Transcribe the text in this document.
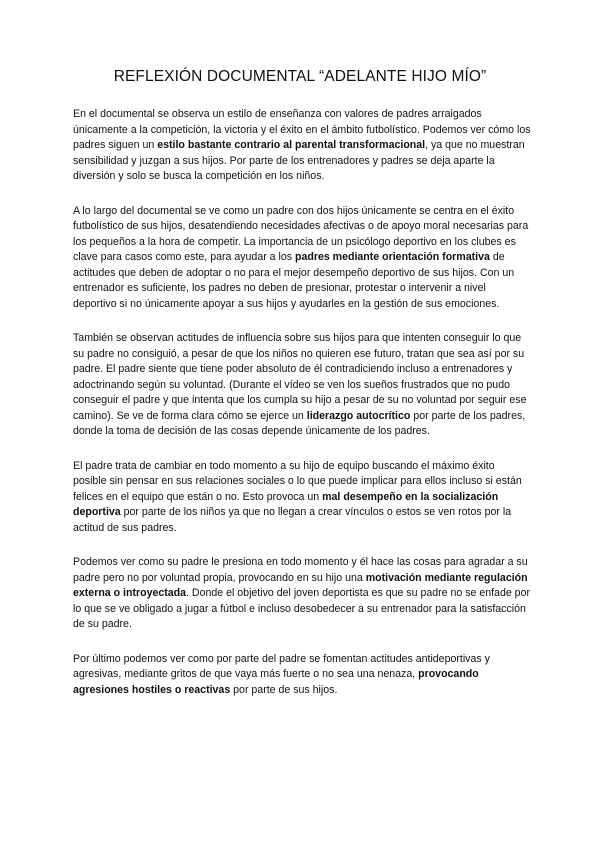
REFLEXIÓN DOCUMENTAL “ADELANTE HIJO MÍO”

En el documental se observa un estilo de enseñanza con valores de padres arraigados únicamente a la competición, la victoria y el éxito en el ámbito futbolístico. Podemos ver cómo los padres siguen un estilo bastante contrario al parental transformacional, ya que no muestran sensibilidad y juzgan a sus hijos. Por parte de los entrenadores y padres se deja aparte la diversión y solo se busca la competición en los niños.

A lo largo del documental se ve como un padre con dos hijos únicamente se centra en el éxito futbolístico de sus hijos, desatendiendo necesidades afectivas o de apoyo moral necesarias para los pequeños a la hora de competir. La importancia de un psicólogo deportivo en los clubes es clave para casos como este, para ayudar a los padres mediante orientación formativa de actitudes que deben de adoptar o no para el mejor desempeño deportivo de sus hijos. Con un entrenador es suficiente, los padres no deben de presionar, protestar o intervenir a nivel deportivo si no únicamente apoyar a sus hijos y ayudarles en la gestión de sus emociones.

También se observan actitudes de influencia sobre sus hijos para que intenten conseguir lo que su padre no consiguió, a pesar de que los niños no quieren ese futuro, tratan que sea así por su padre. El padre siente que tiene poder absoluto de él contradiciendo incluso a entrenadores y adoctrinando según su voluntad. (Durante el vídeo se ven los sueños frustrados que no pudo conseguir el padre y que intenta que los cumpla su hijo a pesar de su no voluntad por seguir ese camino). Se ve de forma clara cómo se ejerce un liderazgo autocrítico por parte de los padres, donde la toma de decisión de las cosas depende únicamente de los padres.

El padre trata de cambiar en todo momento a su hijo de equipo buscando el máximo éxito posible sin pensar en sus relaciones sociales o lo que puede implicar para ellos incluso si están felices en el equipo que están o no. Esto provoca un mal desempeño en la socialización deportiva por parte de los niños ya que no llegan a crear vínculos o estos se ven rotos por la actitud de sus padres.

Podemos ver como su padre le presiona en todo momento y él hace las cosas para agradar a su padre pero no por voluntad propia, provocando en su hijo una motivación mediante regulación externa o introyectada. Donde el objetivo del joven deportista es que su padre no se enfade por lo que se ve obligado a jugar a fútbol e incluso desobedecer a su entrenador para la satisfacción de su padre.

Por último podemos ver como por parte del padre se fomentan actitudes antideportivas y agresivas, mediante gritos de que vaya más fuerte o no sea una nenaza, provocando agresiones hostiles o reactivas por parte de sus hijos.
